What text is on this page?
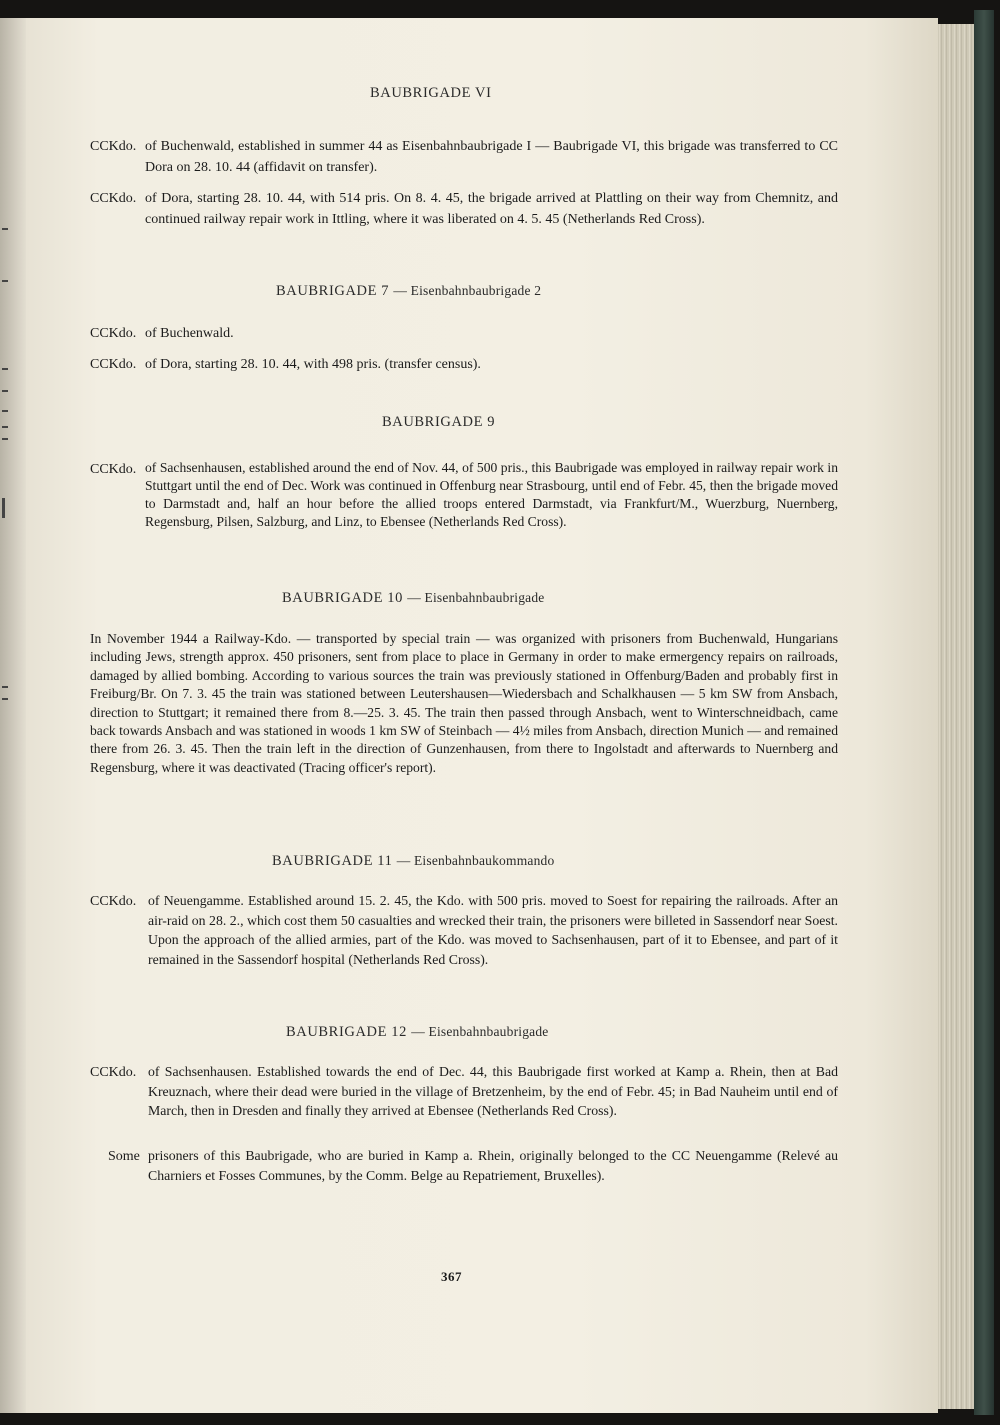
BAUBRIGADE VI
CCKdo. of Buchenwald, established in summer 44 as Eisenbahnbaubrigade I — Baubrigade VI, this brigade was transferred to CC Dora on 28. 10. 44 (affidavit on transfer).
CCKdo. of Dora, starting 28. 10. 44, with 514 pris. On 8. 4. 45, the brigade arrived at Plattling on their way from Chemnitz, and continued railway repair work in Ittling, where it was liberated on 4. 5. 45 (Netherlands Red Cross).
BAUBRIGADE 7 — Eisenbahnbaubrigade 2
CCKdo. of Buchenwald.
CCKdo. of Dora, starting 28. 10. 44, with 498 pris. (transfer census).
BAUBRIGADE 9
CCKdo. of Sachsenhausen, established around the end of Nov. 44, of 500 pris., this Baubrigade was employed in railway repair work in Stuttgart until the end of Dec. Work was continued in Offenburg near Strasbourg, until end of Febr. 45, then the brigade moved to Darmstadt and, half an hour before the allied troops entered Darmstadt, via Frankfurt/M., Wuerzburg, Nuernberg, Regensburg, Pilsen, Salzburg, and Linz, to Ebensee (Netherlands Red Cross).
BAUBRIGADE 10 — Eisenbahnbaubrigade
In November 1944 a Railway-Kdo. — transported by special train — was organized with prisoners from Buchenwald, Hungarians including Jews, strength approx. 450 prisoners, sent from place to place in Germany in order to make ermergency repairs on railroads, damaged by allied bombing. According to various sources the train was previously stationed in Offenburg/Baden and probably first in Freiburg/Br. On 7. 3. 45 the train was stationed between Leutershausen—Wiedersbach and Schalkhausen — 5 km SW from Ansbach, direction to Stuttgart; it remained there from 8.—25. 3. 45. The train then passed through Ansbach, went to Winterschneidbach, came back towards Ansbach and was stationed in woods 1 km SW of Steinbach — 4½ miles from Ansbach, direction Munich — and remained there from 26. 3. 45. Then the train left in the direction of Gunzenhausen, from there to Ingolstadt and afterwards to Nuernberg and Regensburg, where it was deactivated (Tracing officer's report).
BAUBRIGADE 11 — Eisenbahnbaukommando
CCKdo. of Neuengamme. Established around 15. 2. 45, the Kdo. with 500 pris. moved to Soest for repairing the railroads. After an air-raid on 28. 2., which cost them 50 casualties and wrecked their train, the prisoners were billeted in Sassendorf near Soest. Upon the approach of the allied armies, part of the Kdo. was moved to Sachsenhausen, part of it to Ebensee, and part of it remained in the Sassendorf hospital (Netherlands Red Cross).
BAUBRIGADE 12 — Eisenbahnbaubrigade
CCKdo. of Sachsenhausen. Established towards the end of Dec. 44, this Baubrigade first worked at Kamp a. Rhein, then at Bad Kreuznach, where their dead were buried in the village of Bretzenheim, by the end of Febr. 45; in Bad Nauheim until end of March, then in Dresden and finally they arrived at Ebensee (Netherlands Red Cross).
Some prisoners of this Baubrigade, who are buried in Kamp a. Rhein, originally belonged to the CC Neuengamme (Relevé au Charniers et Fosses Communes, by the Comm. Belge au Repatriement, Bruxelles).
367
